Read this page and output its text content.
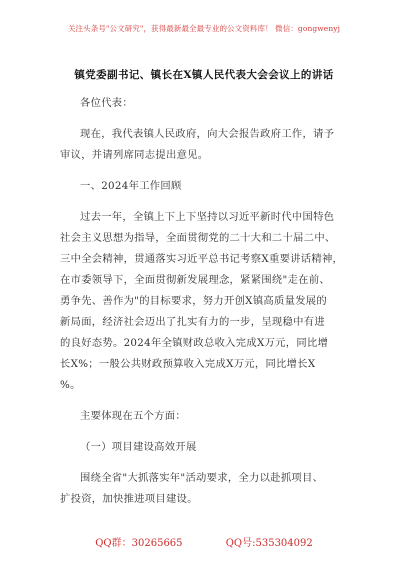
关注头条号"公文研究"，获得最新最全最专业的公文资料库！ 微信：gongwenyj
镇党委副书记、镇长在X镇人民代表大会会议上的讲话
各位代表：
现在，我代表镇人民政府，向大会报告政府工作，请予
审议，并请列席同志提出意见。
一、2024年工作回顾
过去一年，全镇上下上下坚持以习近平新时代中国特色
社会主义思想为指导，全面贯彻党的二十大和二十届二中、
三中全会精神，贯通落实习近平总书记考察X重要讲话精神，
在市委领导下，全面贯彻新发展理念，紧紧围绕"走在前、
勇争先、善作为"的目标要求，努力开创X镇高质量发展的
新局面，经济社会迈出了扎实有力的一步，呈现稳中有进
的良好态势。2024年全镇财政总收入完成X万元，同比增
长X%；一般公共财政预算收入完成X万元，同比增长X
%。
主要体现在五个方面：
（一）项目建设高效开展
围绕全省"大抓落实年"活动要求，全力以赴抓项目、
扩投资，加快推进项目建设。
QQ群：30265665	QQ号:535304092
